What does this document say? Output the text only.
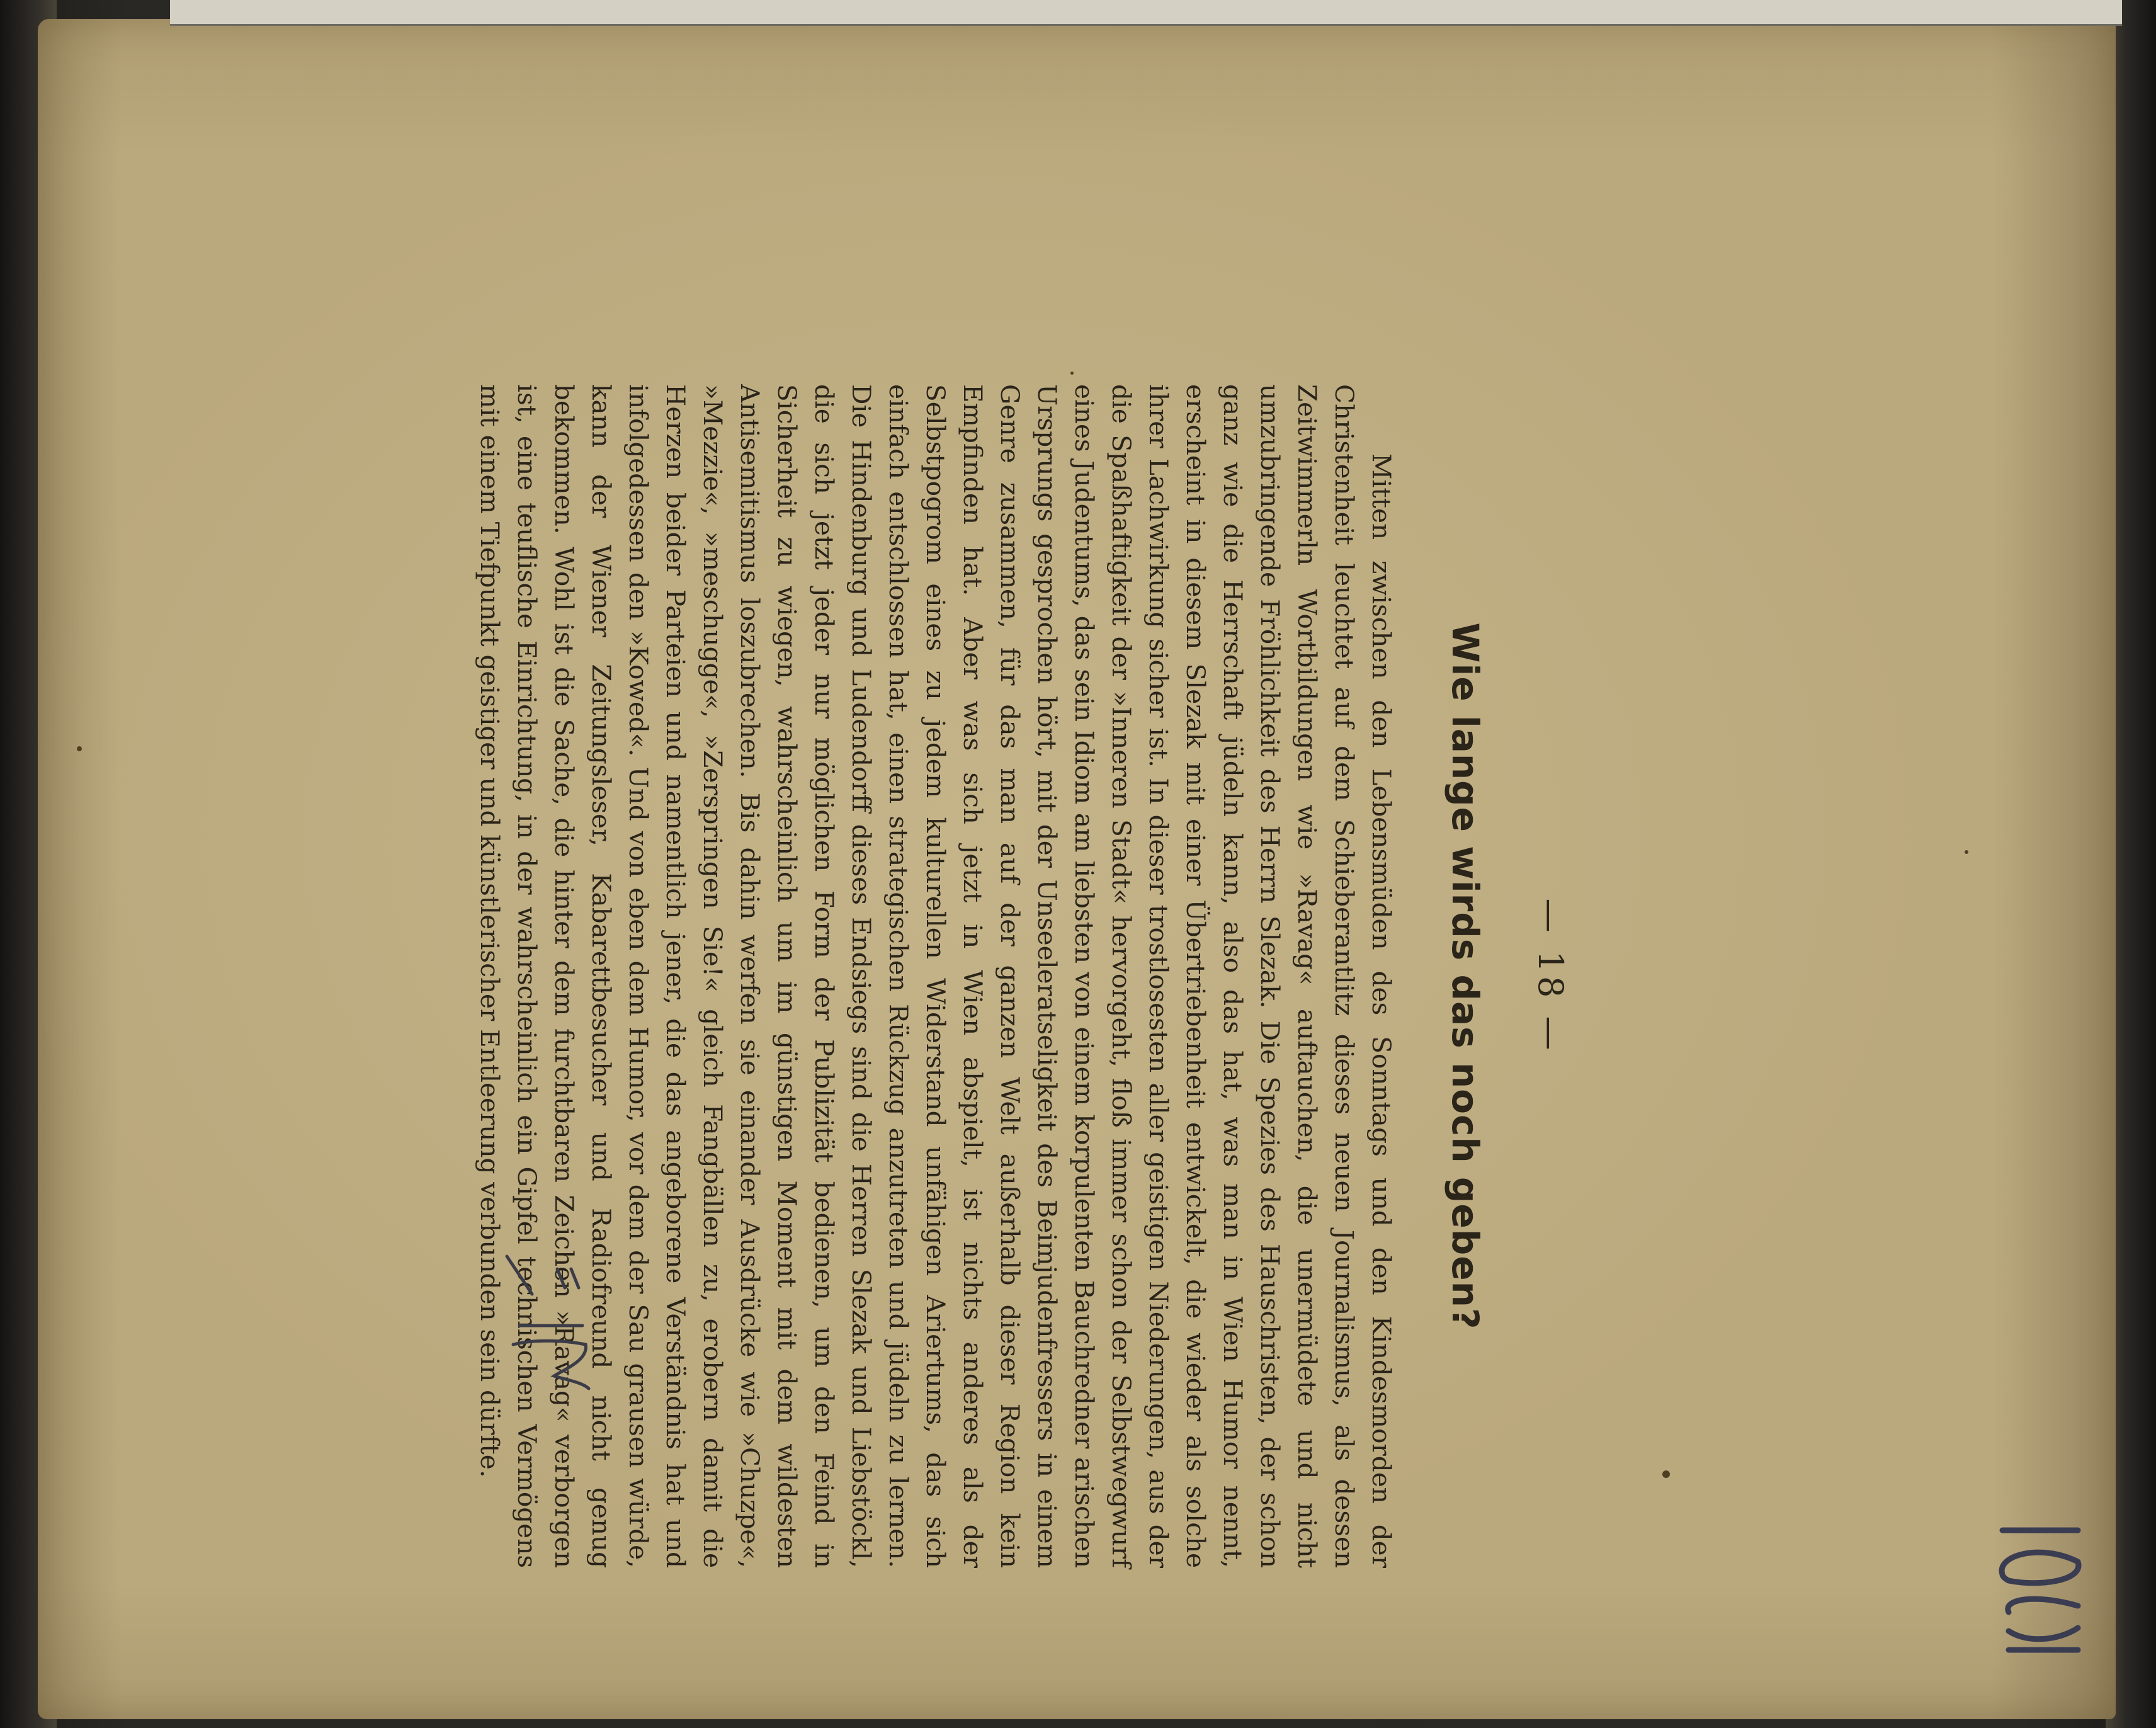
— 18 —
Wie lange wirds das noch geben?

Mitten zwischen den Lebensmüden des Sonntags und den Kindesmorden der Christenheit leuchtet auf dem Schieberantlitz dieses neuen Journalismus, als dessen Zeitwimmerln Wortbildungen wie »Ravag« auftauchen, die unermüdete und nicht umzubringende Fröhlichkeit des Herrn Slezak. Die Spezies des Hauschristen, der schon ganz wie die Herrschaft jüdeln kann, also das hat, was man in Wien Humor nennt, erscheint in diesem Slezak mit einer Übertriebenheit entwickelt, die wieder als solche ihrer Lachwirkung sicher ist. In dieser trostlosesten aller geistigen Niederungen, aus der die Spaßhaftigkeit der »Inneren Stadt« hervorgeht, floß immer schon der Selbstwegwurf eines Judentums, das sein Idiom am liebsten von einem korpulenten Bauchredner arischen Ursprungs gesprochen hört, mit der Unseeleratseligkeit des Beimjudenfressers in einem Genre zusammen, für das man auf der ganzen Welt außerhalb dieser Region kein Empfinden hat. Aber was sich jetzt in Wien abspielt, ist nichts anderes als der Selbstpogrom eines zu jedem kulturellen Widerstand unfähigen Ariertums, das sich einfach entschlossen hat, einen strategischen Rückzug anzutreten und jüdeln zu lernen. Die Hindenburg und Ludendorff dieses Endsiegs sind die Herren Slezak und Liebstöckl, die sich jetzt jeder nur möglichen Form der Publizität bedienen, um den Feind in Sicherheit zu wiegen, wahrscheinlich um im günstigen Moment mit dem wildesten Antisemitismus loszubrechen. Bis dahin werfen sie einander Ausdrücke wie »Chuzpe«, »Mezzie«, »meschugge«, »Zerspringen Sie!« gleich Fangbällen zu, erobern damit die Herzen beider Parteien und namentlich jener, die das angeborene Verständnis hat und infolgedessen den »Kowed«. Und von eben dem Humor, vor dem der Sau grausen würde, kann der Wiener Zeitungsleser, Kabarettbesucher und Radiofreund nicht genug bekommen. Wohl ist die Sache, die hinter dem furchtbaren Zeichen »Ravag« verborgen ist, eine teuflische Einrichtung, in der wahrscheinlich ein Gipfel technischen Vermögens mit einem Tiefpunkt geistiger und künstlerischer Entleerung verbunden sein dürfte.
